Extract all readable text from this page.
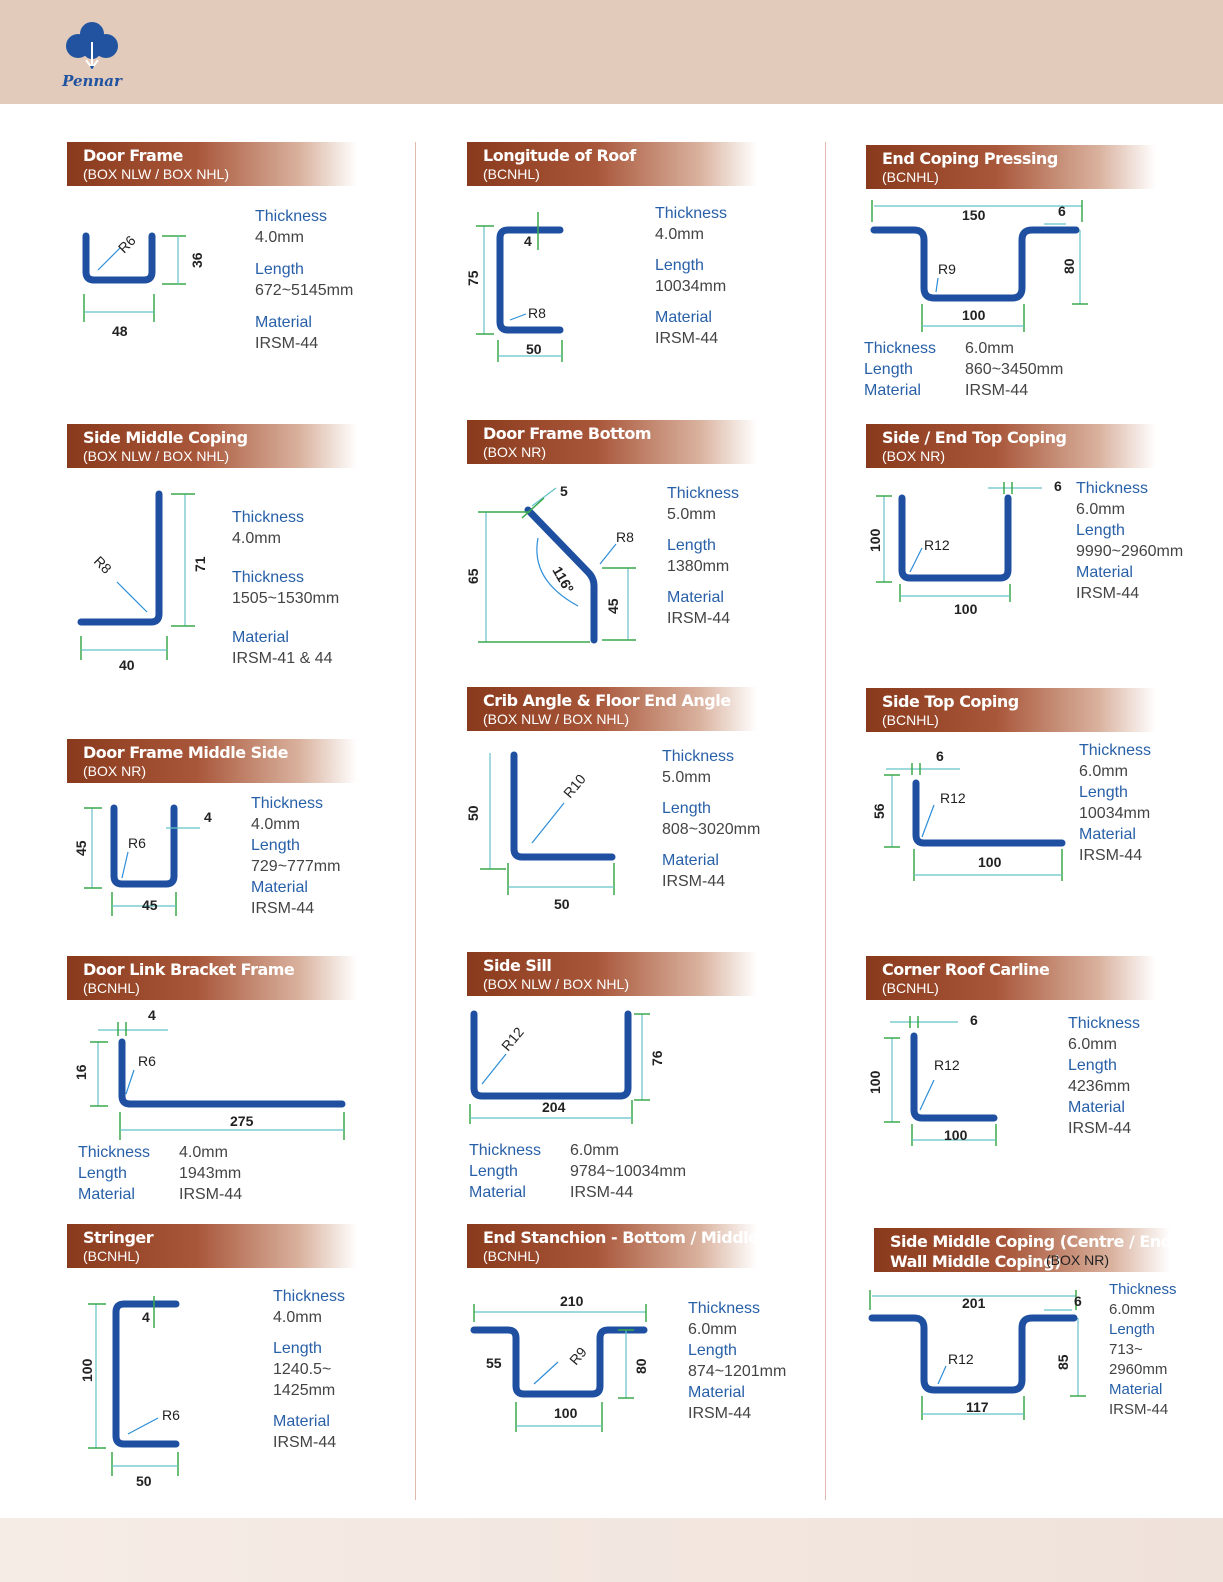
Pennar
Door Frame
(BOX NLW / BOX NHL)
R6
36
48
Thickness
4.0mm
Length
672~5145mm
Material
IRSM-44
Side Middle Coping
(BOX NLW / BOX NHL)
R8	71
40
Thickness
4.0mm
Thickness
1505~1530mm
Material
IRSM-41 & 44
Door Frame Middle Side
(BOX NR)
R6
45
4
45
Thickness
4.0mm
Length
729~777mm
Material
IRSM-44
Door Link Bracket Frame
(BCNHL)
R6
4
16
275
Thickness	4.0mm
Length	1943mm
Material	IRSM-44
Stringer
(BCNHL)
R6
4
100
50
Thickness
4.0mm
Length
1240.5~
1425mm
Material
IRSM-44
Longitude of Roof
(BCNHL)
R8
4
75
50
Thickness
4.0mm
Length
10034mm
Material
IRSM-44
Door Frame Bottom
(BOX NR)
5
R8
116º
65
45
Thickness
5.0mm
Length
1380mm
Material
IRSM-44
Crib Angle & Floor End Angle
(BOX NLW / BOX NHL)
R10
50
50
Thickness
5.0mm
Length
808~3020mm
Material
IRSM-44
Side Sill
(BOX NLW / BOX NHL)
R12
76
204
Thickness	6.0mm
Length	9784~10034mm
Material	IRSM-44
End Stanchion - Bottom / Middle
(BCNHL)
210
55	R9	80
100
Thickness
6.0mm
Length
874~1201mm
Material
IRSM-44
End Coping Pressing
(BCNHL)
150	6
R9	80
100
Thickness	6.0mm
Length	860~3450mm
Material	IRSM-44
Side / End Top Coping
(BOX NR)
R12
6
100
100
Thickness
6.0mm
Length
9990~2960mm
Material
IRSM-44
Side Top Coping
(BCNHL)
R12
6
56
100
Thickness
6.0mm
Length
10034mm
Material
IRSM-44
Corner Roof Carline
(BCNHL)
R12
6
100
100
Thickness
6.0mm
Length
4236mm
Material
IRSM-44
Side Middle Coping (Centre / End
Wall Middle Coping)
(BOX NR)
201	6
R12	85
117
Thickness
6.0mm
Length
713~
2960mm
Material
IRSM-44
